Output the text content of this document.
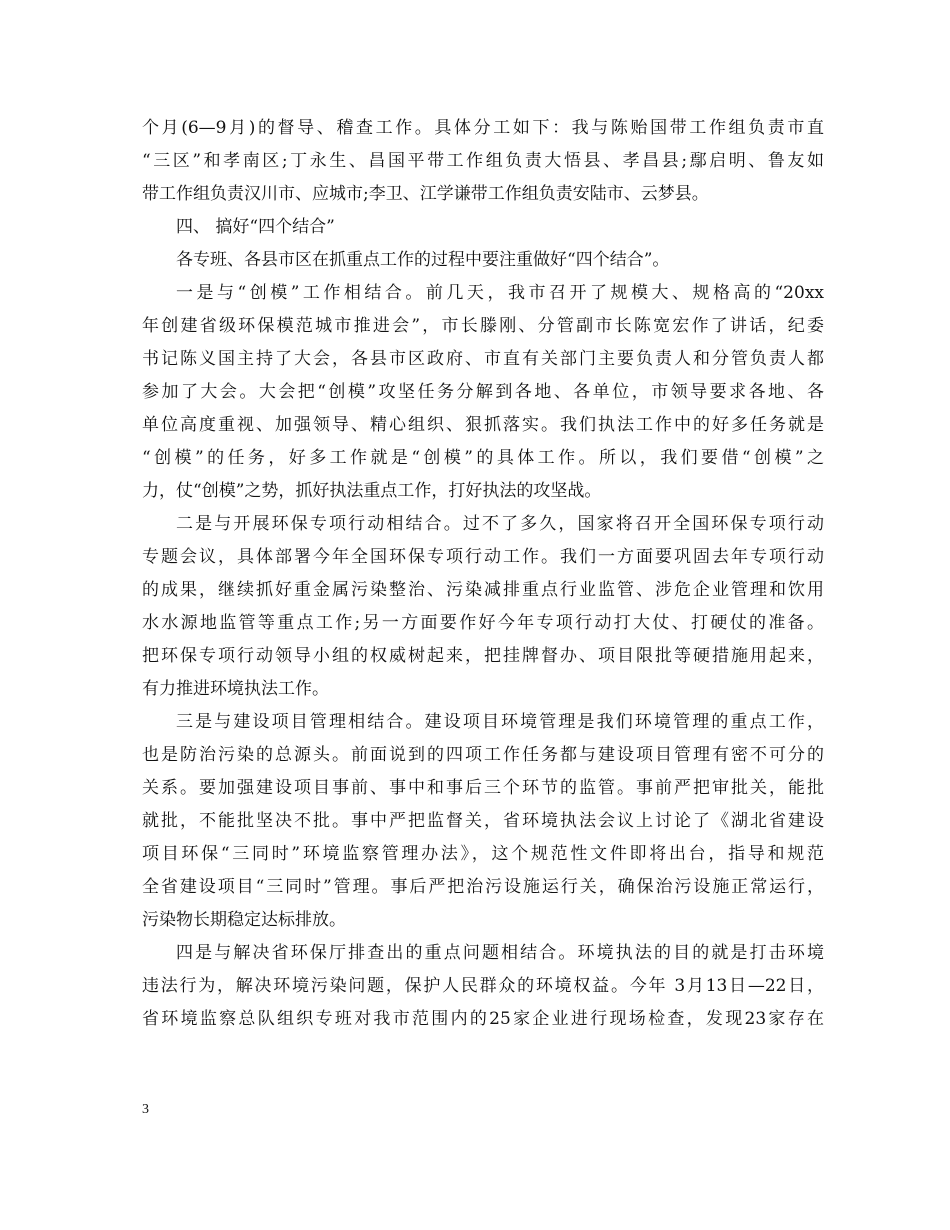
个月(6—9月)的督导、稽查工作。具体分工如下：我与陈贻国带工作组负责市直
“三区”和孝南区;丁永生、昌国平带工作组负责大悟县、孝昌县;鄢启明、鲁友如
带工作组负责汉川市、应城市;李卫、江学谦带工作组负责安陆市、云梦县。
四、 搞好“四个结合”
各专班、各县市区在抓重点工作的过程中要注重做好“四个结合”。
一是与“创模”工作相结合。前几天，我市召开了规模大、规格高的“20xx
年创建省级环保模范城市推进会”，市长滕刚、分管副市长陈宽宏作了讲话，纪委
书记陈义国主持了大会，各县市区政府、市直有关部门主要负责人和分管负责人都
参加了大会。大会把“创模”攻坚任务分解到各地、各单位，市领导要求各地、各
单位高度重视、加强领导、精心组织、狠抓落实。我们执法工作中的好多任务就是
“创模”的任务，好多工作就是“创模”的具体工作。所以，我们要借“创模”之
力，仗“创模”之势，抓好执法重点工作，打好执法的攻坚战。
二是与开展环保专项行动相结合。过不了多久，国家将召开全国环保专项行动
专题会议，具体部署今年全国环保专项行动工作。我们一方面要巩固去年专项行动
的成果，继续抓好重金属污染整治、污染减排重点行业监管、涉危企业管理和饮用
水水源地监管等重点工作;另一方面要作好今年专项行动打大仗、打硬仗的准备。
把环保专项行动领导小组的权威树起来，把挂牌督办、项目限批等硬措施用起来，
有力推进环境执法工作。
三是与建设项目管理相结合。建设项目环境管理是我们环境管理的重点工作，
也是防治污染的总源头。前面说到的四项工作任务都与建设项目管理有密不可分的
关系。要加强建设项目事前、事中和事后三个环节的监管。事前严把审批关，能批
就批，不能批坚决不批。事中严把监督关，省环境执法会议上讨论了《湖北省建设
项目环保“三同时”环境监察管理办法》，这个规范性文件即将出台，指导和规范
全省建设项目“三同时”管理。事后严把治污设施运行关，确保治污设施正常运行，
污染物长期稳定达标排放。
四是与解决省环保厅排查出的重点问题相结合。环境执法的目的就是打击环境
违法行为，解决环境污染问题，保护人民群众的环境权益。今年 3月13日—22日，
省环境监察总队组织专班对我市范围内的25家企业进行现场检查，发现23家存在
3
